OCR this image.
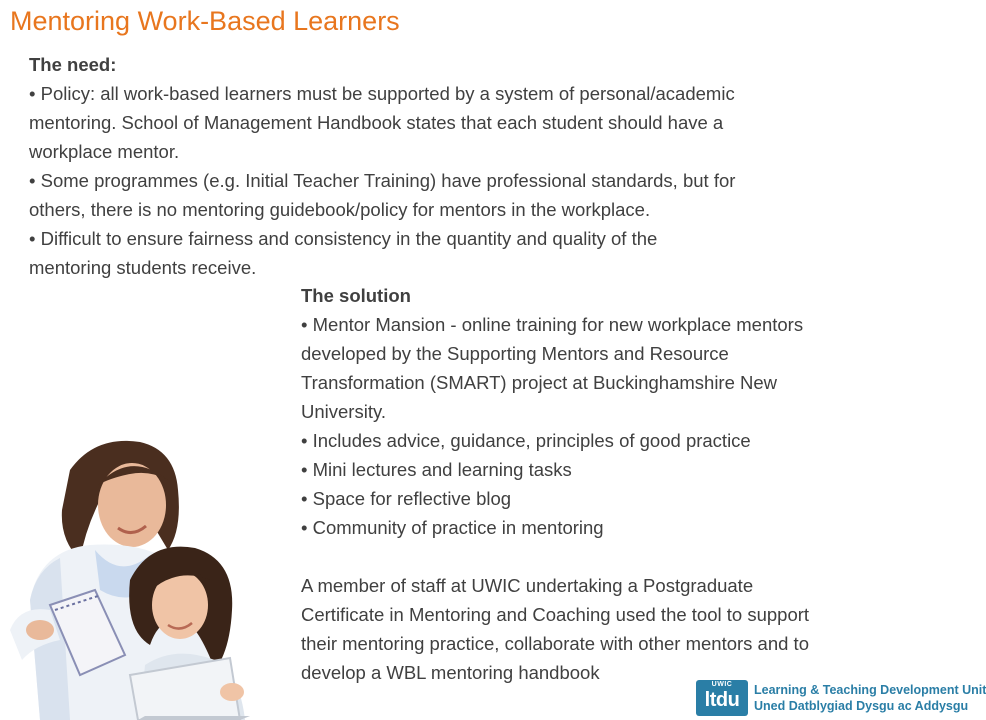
Mentoring Work-Based Learners
The need:
• Policy: all work-based learners must be supported by a system of personal/academic
mentoring. School of Management Handbook states that each student should have a
workplace mentor.
• Some programmes (e.g. Initial Teacher Training) have professional standards, but for
others, there is no mentoring guidebook/policy for mentors in the workplace.
• Difficult to ensure fairness and consistency in the quantity and quality of the
mentoring students receive.
The solution
• Mentor Mansion - online training for new workplace mentors
developed by the Supporting Mentors and Resource
Transformation (SMART) project at Buckinghamshire New
University.
• Includes advice, guidance, principles of good practice
• Mini lectures and learning tasks
• Space for reflective blog
• Community of practice in mentoring
A member of staff at UWIC undertaking a Postgraduate
Certificate in Mentoring and Coaching used the tool to support
their mentoring practice, collaborate with other mentors and to
develop a WBL mentoring handbook
UWIC
ltdu	Learning & Teaching Development Unit
Uned Datblygiad Dysgu ac Addysgu
